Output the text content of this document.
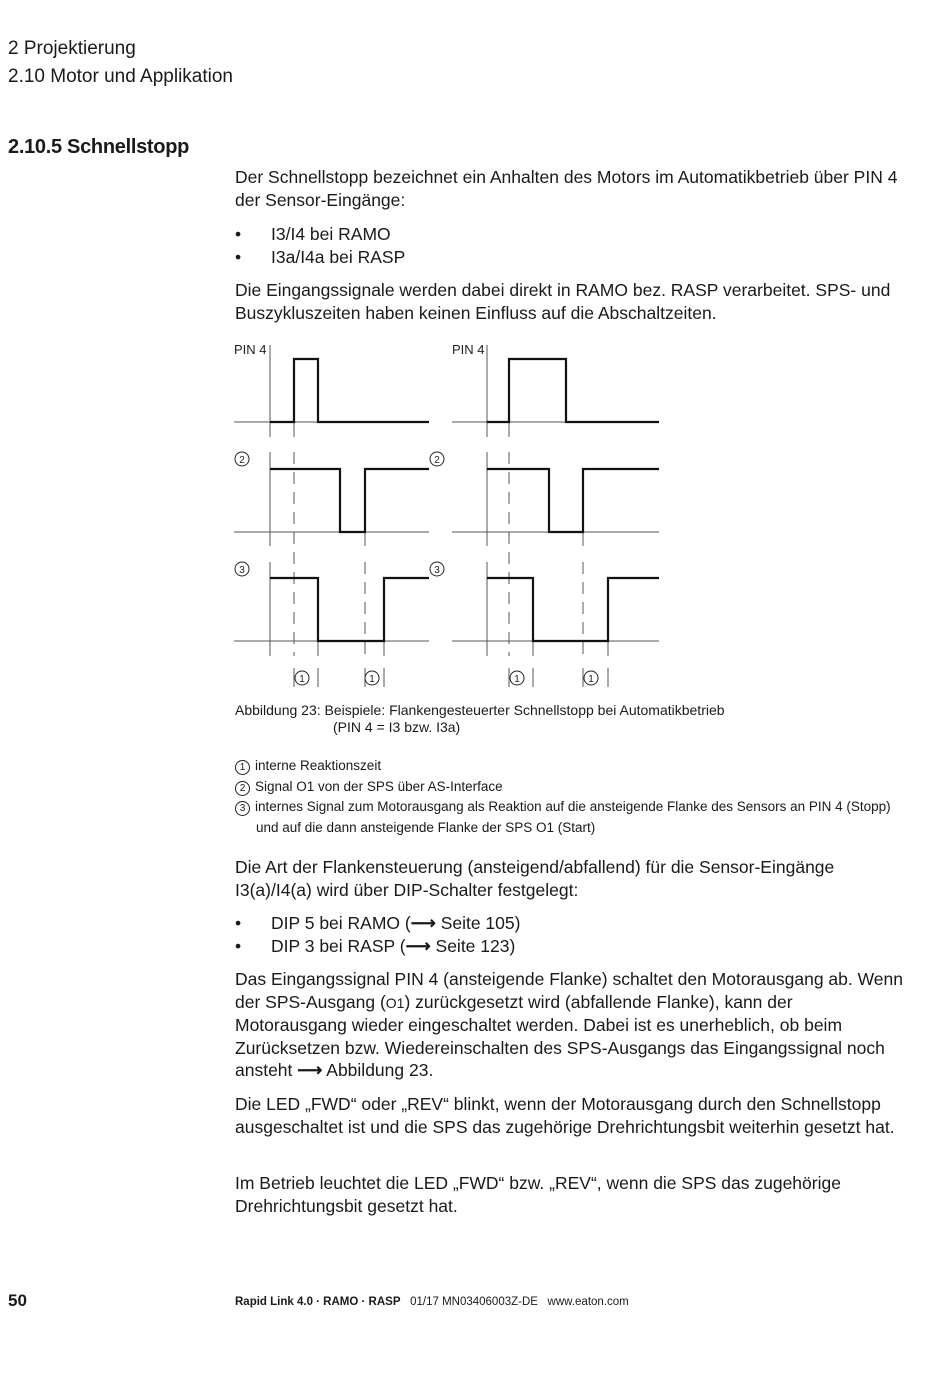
2 Projektierung
2.10 Motor und Applikation
2.10.5 Schnellstopp
Der Schnellstopp bezeichnet ein Anhalten des Motors im Automatikbetrieb über PIN 4 der Sensor-Eingänge:
• I3/I4 bei RAMO
• I3a/I4a bei RASP
Die Eingangssignale werden dabei direkt in RAMO bez. RASP verarbeitet. SPS- und Buszykluszeiten haben keinen Einfluss auf die Abschaltzeiten.
PIN 4	PIN 4
2	2
3	3
1	1	1	1
Abbildung 23: Beispiele: Flankengesteuerter Schnellstopp bei Automatikbetrieb
(PIN 4 = I3 bzw. I3a)
1 interne Reaktionszeit
2 Signal O1 von der SPS über AS-Interface
3 internes Signal zum Motorausgang als Reaktion auf die ansteigende Flanke des Sensors an PIN 4 (Stopp) und auf die dann ansteigende Flanke der SPS O1 (Start)
Die Art der Flankensteuerung (ansteigend/abfallend) für die Sensor-Eingänge I3(a)/I4(a) wird über DIP-Schalter festgelegt:
• DIP 5 bei RAMO (⟶ Seite 105)
• DIP 3 bei RASP (⟶ Seite 123)
Das Eingangssignal PIN 4 (ansteigende Flanke) schaltet den Motorausgang ab. Wenn der SPS-Ausgang (O1) zurückgesetzt wird (abfallende Flanke), kann der Motorausgang wieder eingeschaltet werden. Dabei ist es unerheblich, ob beim Zurücksetzen bzw. Wiedereinschalten des SPS-Ausgangs das Eingangssignal noch ansteht ⟶ Abbildung 23.
Die LED „FWD“ oder „REV“ blinkt, wenn der Motorausgang durch den Schnellstopp ausgeschaltet ist und die SPS das zugehörige Drehrichtungsbit weiterhin gesetzt hat.
Im Betrieb leuchtet die LED „FWD“ bzw. „REV“, wenn die SPS das zugehörige Drehrichtungsbit gesetzt hat.
50	Rapid Link 4.0 · RAMO · RASP 01/17 MN03406003Z-DE www.eaton.com
